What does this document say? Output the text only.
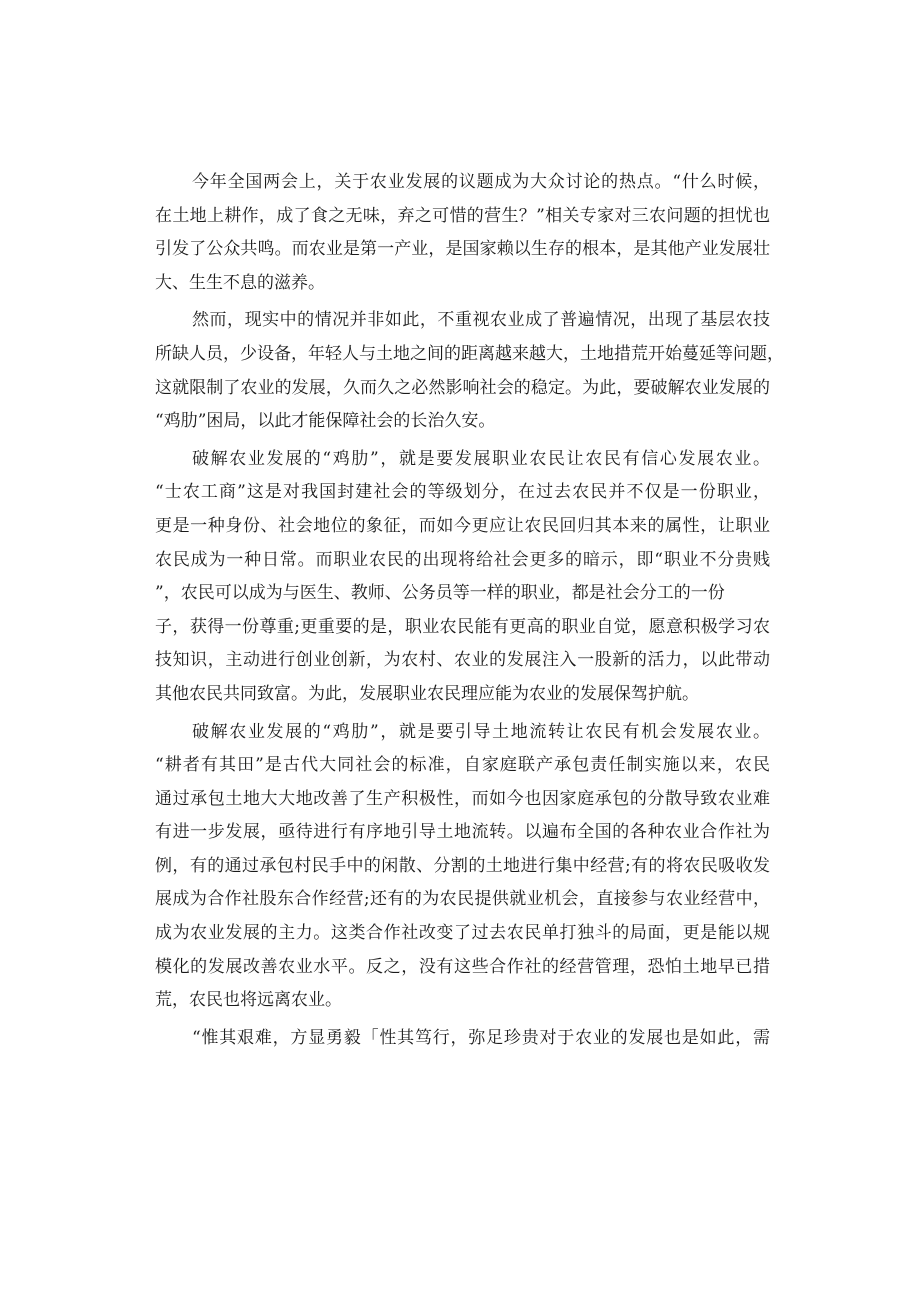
今年全国两会上，关于农业发展的议题成为大众讨论的热点。“什么时候，
在土地上耕作，成了食之无味，弃之可惜的营生？”相关专家对三农问题的担忧也
引发了公众共鸣。而农业是第一产业，是国家赖以生存的根本，是其他产业发展壮
大、生生不息的滋养。
然而，现实中的情况并非如此，不重视农业成了普遍情况，出现了基层农技
所缺人员，少设备，年轻人与土地之间的距离越来越大，土地措荒开始蔓延等问题，
这就限制了农业的发展，久而久之必然影响社会的稳定。为此，要破解农业发展的
“鸡肋”困局，以此才能保障社会的长治久安。
破解农业发展的“鸡肋”，就是要发展职业农民让农民有信心发展农业。
“士农工商”这是对我国封建社会的等级划分，在过去农民并不仅是一份职业，
更是一种身份、社会地位的象征，而如今更应让农民回归其本来的属性，让职业
农民成为一种日常。而职业农民的出现将给社会更多的暗示，即“职业不分贵贱
”，农民可以成为与医生、教师、公务员等一样的职业，都是社会分工的一份
子，获得一份尊重;更重要的是，职业农民能有更高的职业自觉，愿意积极学习农
技知识，主动进行创业创新，为农村、农业的发展注入一股新的活力，以此带动
其他农民共同致富。为此，发展职业农民理应能为农业的发展保驾护航。
破解农业发展的“鸡肋”，就是要引导土地流转让农民有机会发展农业。
“耕者有其田”是古代大同社会的标准，自家庭联产承包责任制实施以来，农民
通过承包土地大大地改善了生产积极性，而如今也因家庭承包的分散导致农业难
有进一步发展，亟待进行有序地引导土地流转。以遍布全国的各种农业合作社为
例，有的通过承包村民手中的闲散、分割的土地进行集中经营;有的将农民吸收发
展成为合作社股东合作经营;还有的为农民提供就业机会，直接参与农业经营中，
成为农业发展的主力。这类合作社改变了过去农民单打独斗的局面，更是能以规
模化的发展改善农业水平。反之，没有这些合作社的经营管理，恐怕土地早已措
荒，农民也将远离农业。
“惟其艰难，方显勇毅「性其笃行，弥足珍贵对于农业的发展也是如此，需
